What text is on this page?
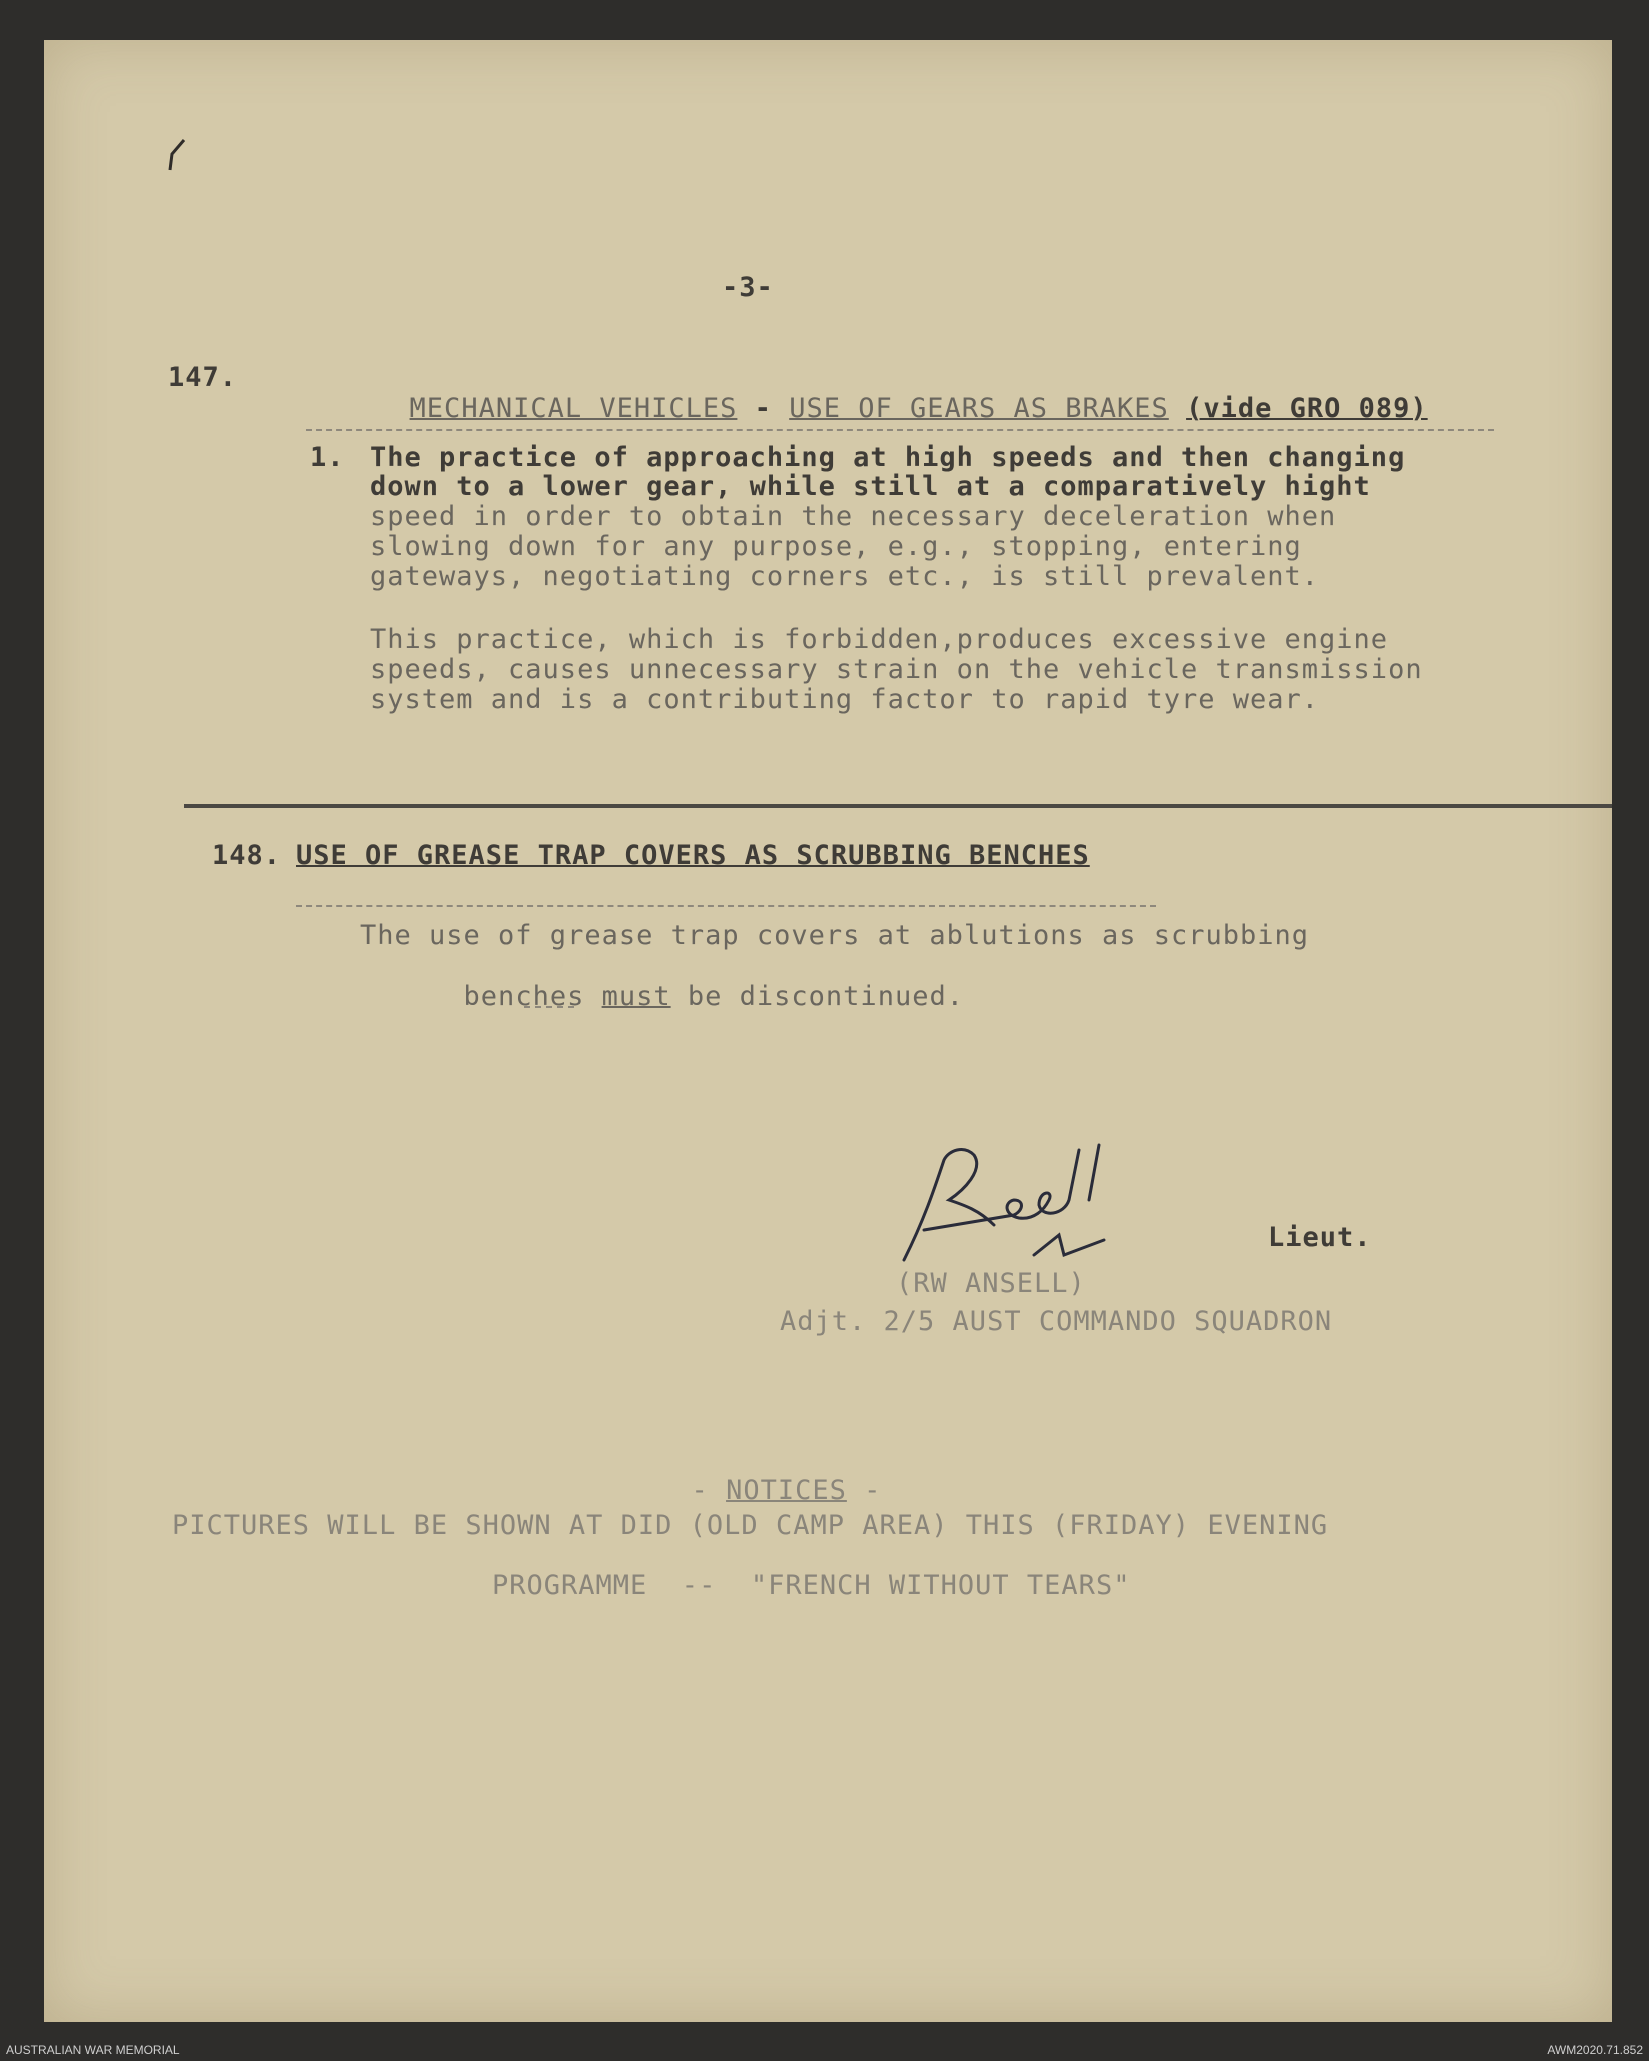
-3-
147.

MECHANICAL VEHICLES - USE OF GEARS AS BRAKES (vide GRO 089)

1. The practice of approaching at high speeds and then changing
down to a lower gear, while still at a comparatively hight
speed in order to obtain the necessary deceleration when
slowing down for any purpose, e.g., stopping, entering
gateways, negotiating corners etc., is still prevalent.
This practice, which is forbidden,produces excessive engine
speeds, causes unnecessary strain on the vehicle transmission
system and is a contributing factor to rapid tyre wear.
148. USE OF GREASE TRAP COVERS AS SCRUBBING BENCHES
The use of grease trap covers at ablutions as scrubbing

benches must be discontinued.

Lieut.
(RW ANSELL)
Adjt. 2/5 AUST COMMANDO SQUADRON

- NOTICES -

PICTURES WILL BE SHOWN AT DID (OLD CAMP AREA) THIS (FRIDAY) EVENING
PROGRAMME  --  "FRENCH WITHOUT TEARS"
AUSTRALIAN WAR MEMORIAL	AWM2020.71.852
